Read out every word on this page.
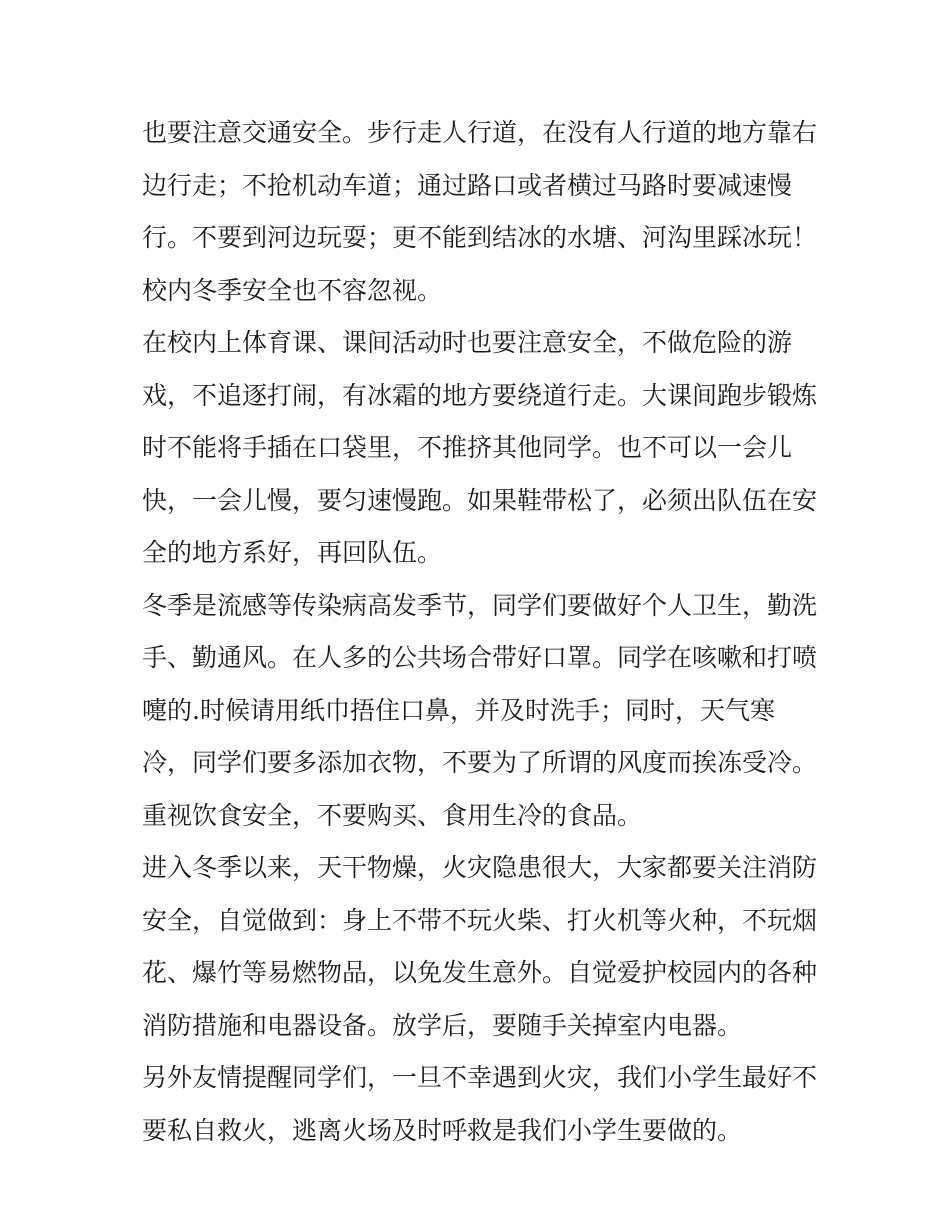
也要注意交通安全。步行走人行道，在没有人行道的地方靠右
边行走；不抢机动车道；通过路口或者横过马路时要减速慢
行。不要到河边玩耍；更不能到结冰的水塘、河沟里踩冰玩！
校内冬季安全也不容忽视。
在校内上体育课、课间活动时也要注意安全，不做危险的游
戏，不追逐打闹，有冰霜的地方要绕道行走。大课间跑步锻炼
时不能将手插在口袋里，不推挤其他同学。也不可以一会儿
快，一会儿慢，要匀速慢跑。如果鞋带松了，必须出队伍在安
全的地方系好，再回队伍。
冬季是流感等传染病高发季节，同学们要做好个人卫生，勤洗
手、勤通风。在人多的公共场合带好口罩。同学在咳嗽和打喷
嚏的.时候请用纸巾捂住口鼻，并及时洗手；同时，天气寒
冷，同学们要多添加衣物，不要为了所谓的风度而挨冻受冷。
重视饮食安全，不要购买、食用生冷的食品。
进入冬季以来，天干物燥，火灾隐患很大，大家都要关注消防
安全，自觉做到：身上不带不玩火柴、打火机等火种，不玩烟
花、爆竹等易燃物品，以免发生意外。自觉爱护校园内的各种
消防措施和电器设备。放学后，要随手关掉室内电器。
另外友情提醒同学们，一旦不幸遇到火灾，我们小学生最好不
要私自救火，逃离火场及时呼救是我们小学生要做的。
